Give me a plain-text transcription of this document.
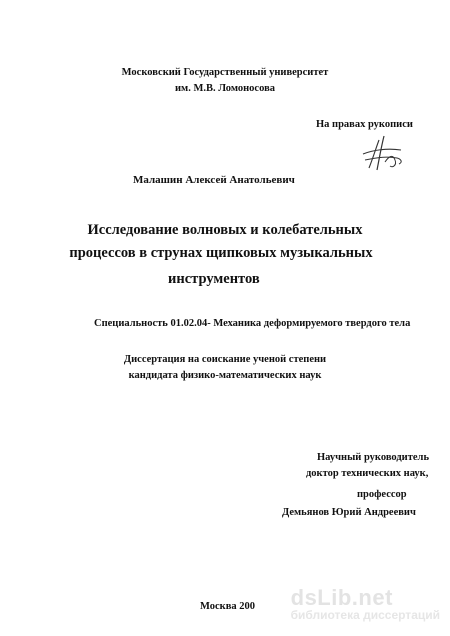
Московский Государственный университет
им. М.В. Ломоносова
На правах рукописи
Малашин Алексей Анатольевич
Исследование волновых и колебательных
процессов в струнах щипковых музыкальных
инструментов
Специальность 01.02.04- Механика деформируемого твердого тела
Диссертация на соискание ученой степени
кандидата физико-математических наук
Научный руководитель
доктор технических наук,
профессор
Демьянов Юрий Андреевич
Москва 200 dsLib.net
библиотека диссертаций
